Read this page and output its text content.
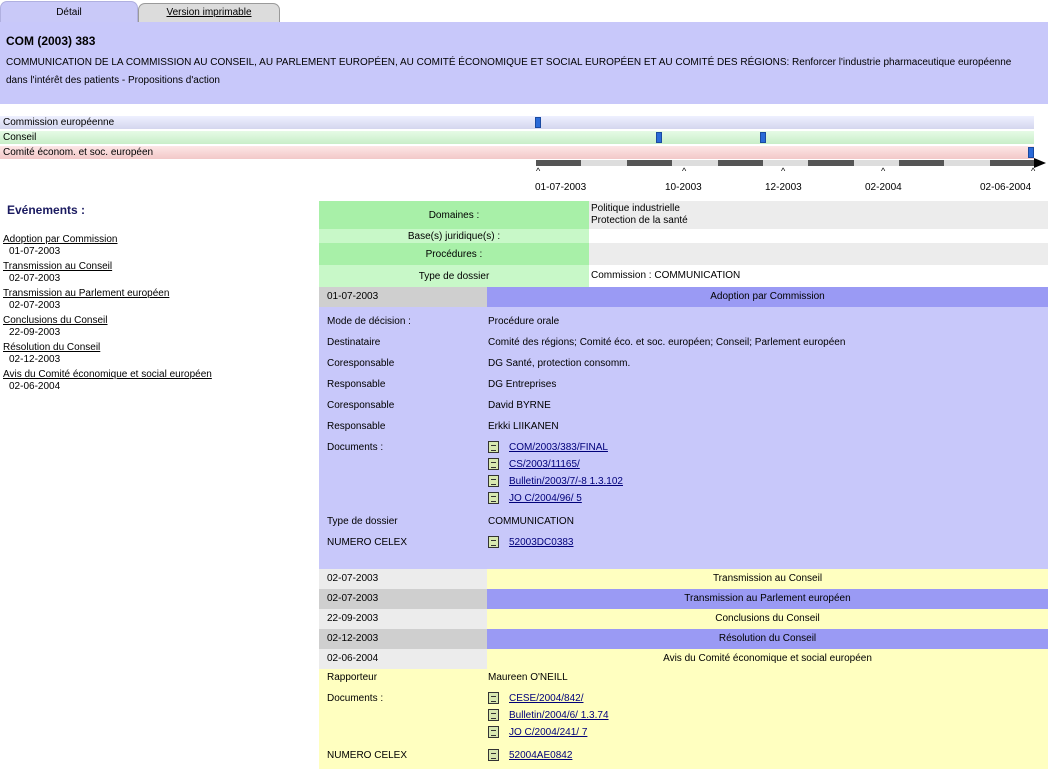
Détail	Version imprimable
COM (2003) 383
COMMUNICATION DE LA COMMISSION AU CONSEIL, AU PARLEMENT EUROPÉEN, AU COMITÉ ÉCONOMIQUE ET SOCIAL EUROPÉEN ET AU COMITÉ DES RÉGIONS: Renforcer l'industrie pharmaceutique européenne dans l'intérêt des patients - Propositions d'action
Commission européenne
Conseil
Comité économ. et soc. européen
^	^	^	^	^
01-07-2003	10-2003	12-2003	02-2004	02-06-2004
Evénements :
Adoption par Commission
01-07-2003
Transmission au Conseil
02-07-2003
Transmission au Parlement européen
02-07-2003
Conclusions du Conseil
22-09-2003
Résolution du Conseil
02-12-2003
Avis du Comité économique et social européen
02-06-2004
Domaines :
Politique industrielle
Protection de la santé
Base(s) juridique(s) :
Procédures :
Type de dossier	Commission : COMMUNICATION
01-07-2003	Adoption par Commission
Mode de décision :	Procédure orale
Destinataire	Comité des régions; Comité éco. et soc. européen; Conseil; Parlement européen
Coresponsable	DG Santé, protection consomm.
Responsable	DG Entreprises
Coresponsable	David BYRNE
Responsable	Erkki LIIKANEN
Documents :	COM/2003/383/FINAL
CS/2003/11165/
Bulletin/2003/7/-8 1.3.102
JO C/2004/96/ 5
Type de dossier	COMMUNICATION
NUMERO CELEX	52003DC0383
02-07-2003	Transmission au Conseil
02-07-2003	Transmission au Parlement européen
22-09-2003	Conclusions du Conseil
02-12-2003	Résolution du Conseil
02-06-2004	Avis du Comité économique et social européen
Rapporteur	Maureen O'NEILL
Documents :	CESE/2004/842/
Bulletin/2004/6/ 1.3.74
JO C/2004/241/ 7
NUMERO CELEX	52004AE0842
